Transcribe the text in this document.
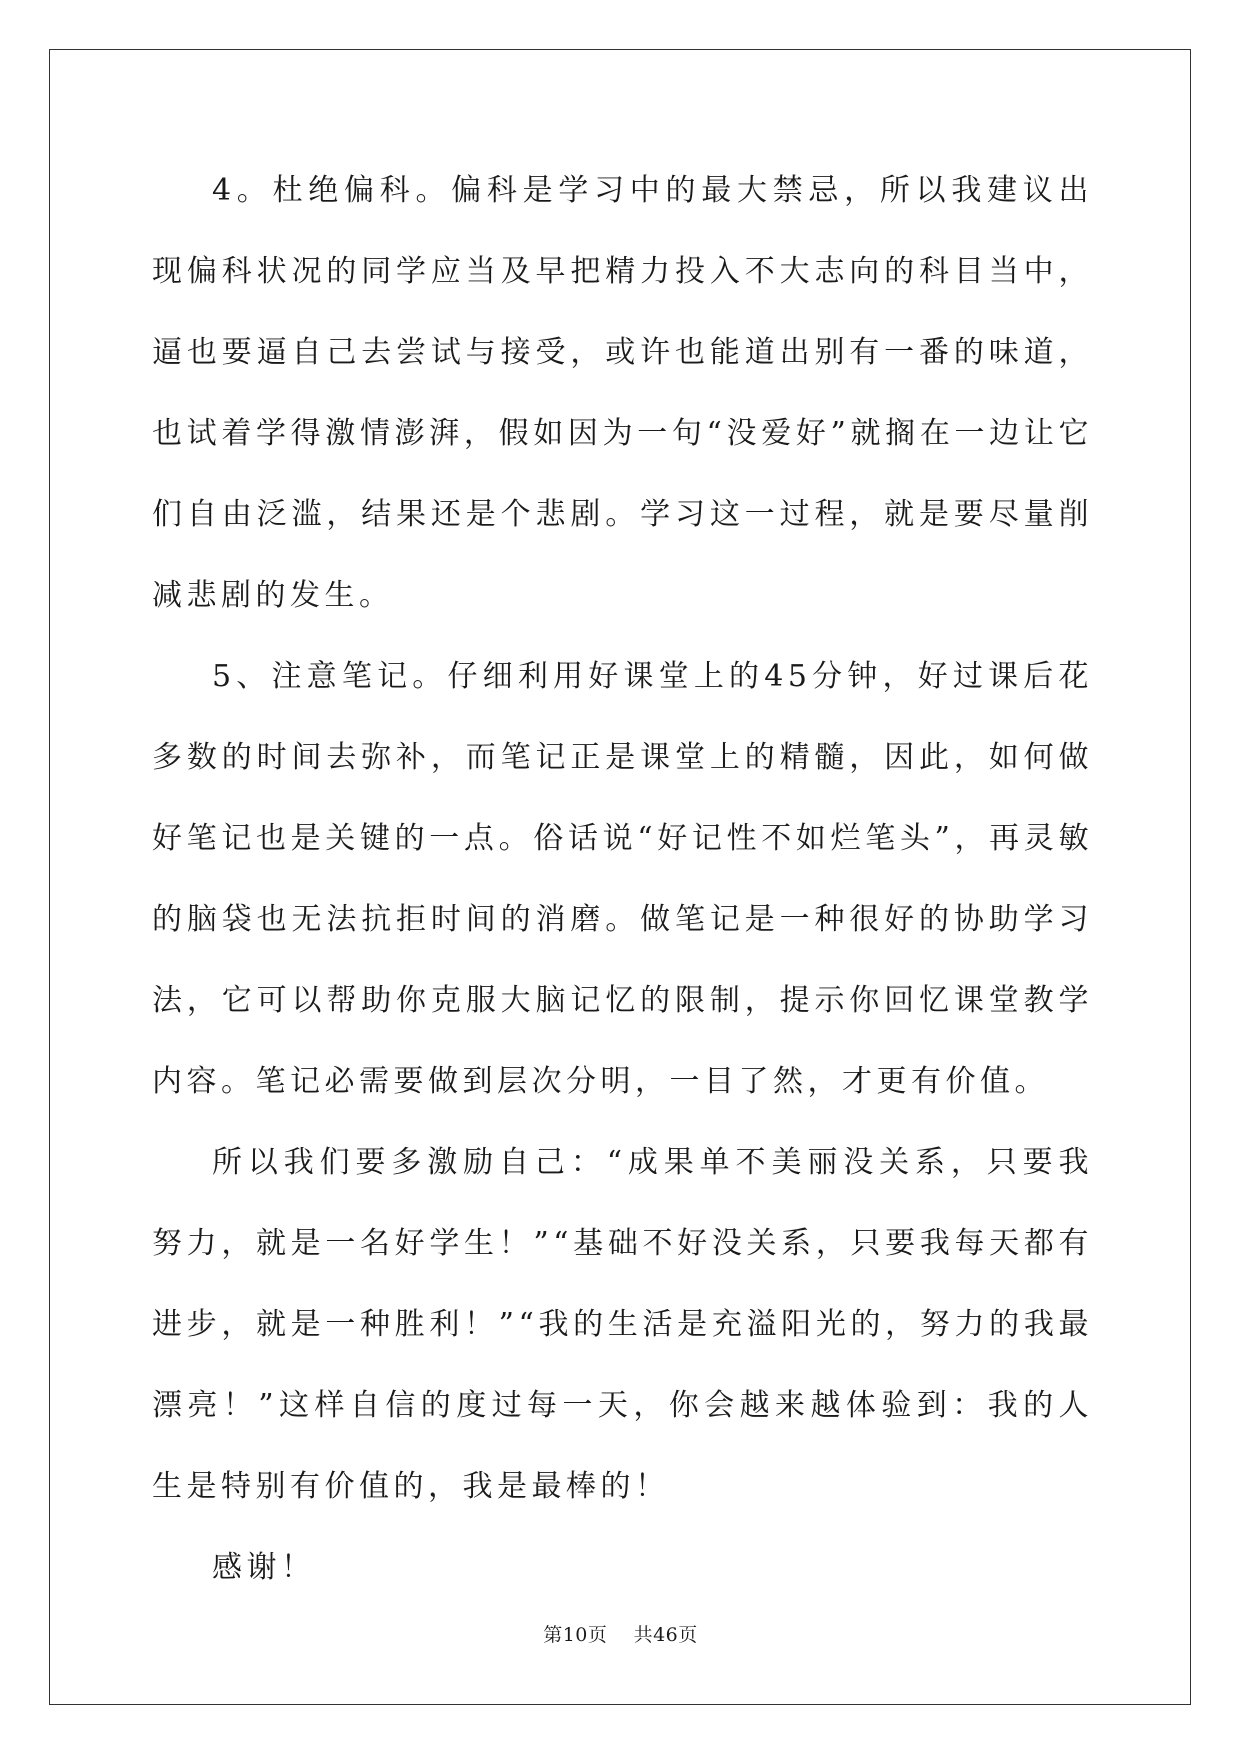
4。杜绝偏科。偏科是学习中的最大禁忌，所以我建议出现偏科状况的同学应当及早把精力投入不大志向的科目当中，逼也要逼自己去尝试与接受，或许也能道出别有一番的味道，也试着学得激情澎湃，假如因为一句“没爱好”就搁在一边让它们自由泛滥，结果还是个悲剧。学习这一过程，就是要尽量削减悲剧的发生。

5、注意笔记。仔细利用好课堂上的45分钟，好过课后花多数的时间去弥补，而笔记正是课堂上的精髓，因此，如何做好笔记也是关键的一点。俗话说“好记性不如烂笔头”，再灵敏的脑袋也无法抗拒时间的消磨。做笔记是一种很好的协助学习法，它可以帮助你克服大脑记忆的限制，提示你回忆课堂教学内容。笔记必需要做到层次分明，一目了然，才更有价值。

所以我们要多激励自己：“成果单不美丽没关系，只要我努力，就是一名好学生！”“基础不好没关系，只要我每天都有进步，就是一种胜利！”“我的生活是充溢阳光的，努力的我最漂亮！”这样自信的度过每一天，你会越来越体验到：我的人生是特别有价值的，我是最棒的！

感谢！

第10页 共46页
